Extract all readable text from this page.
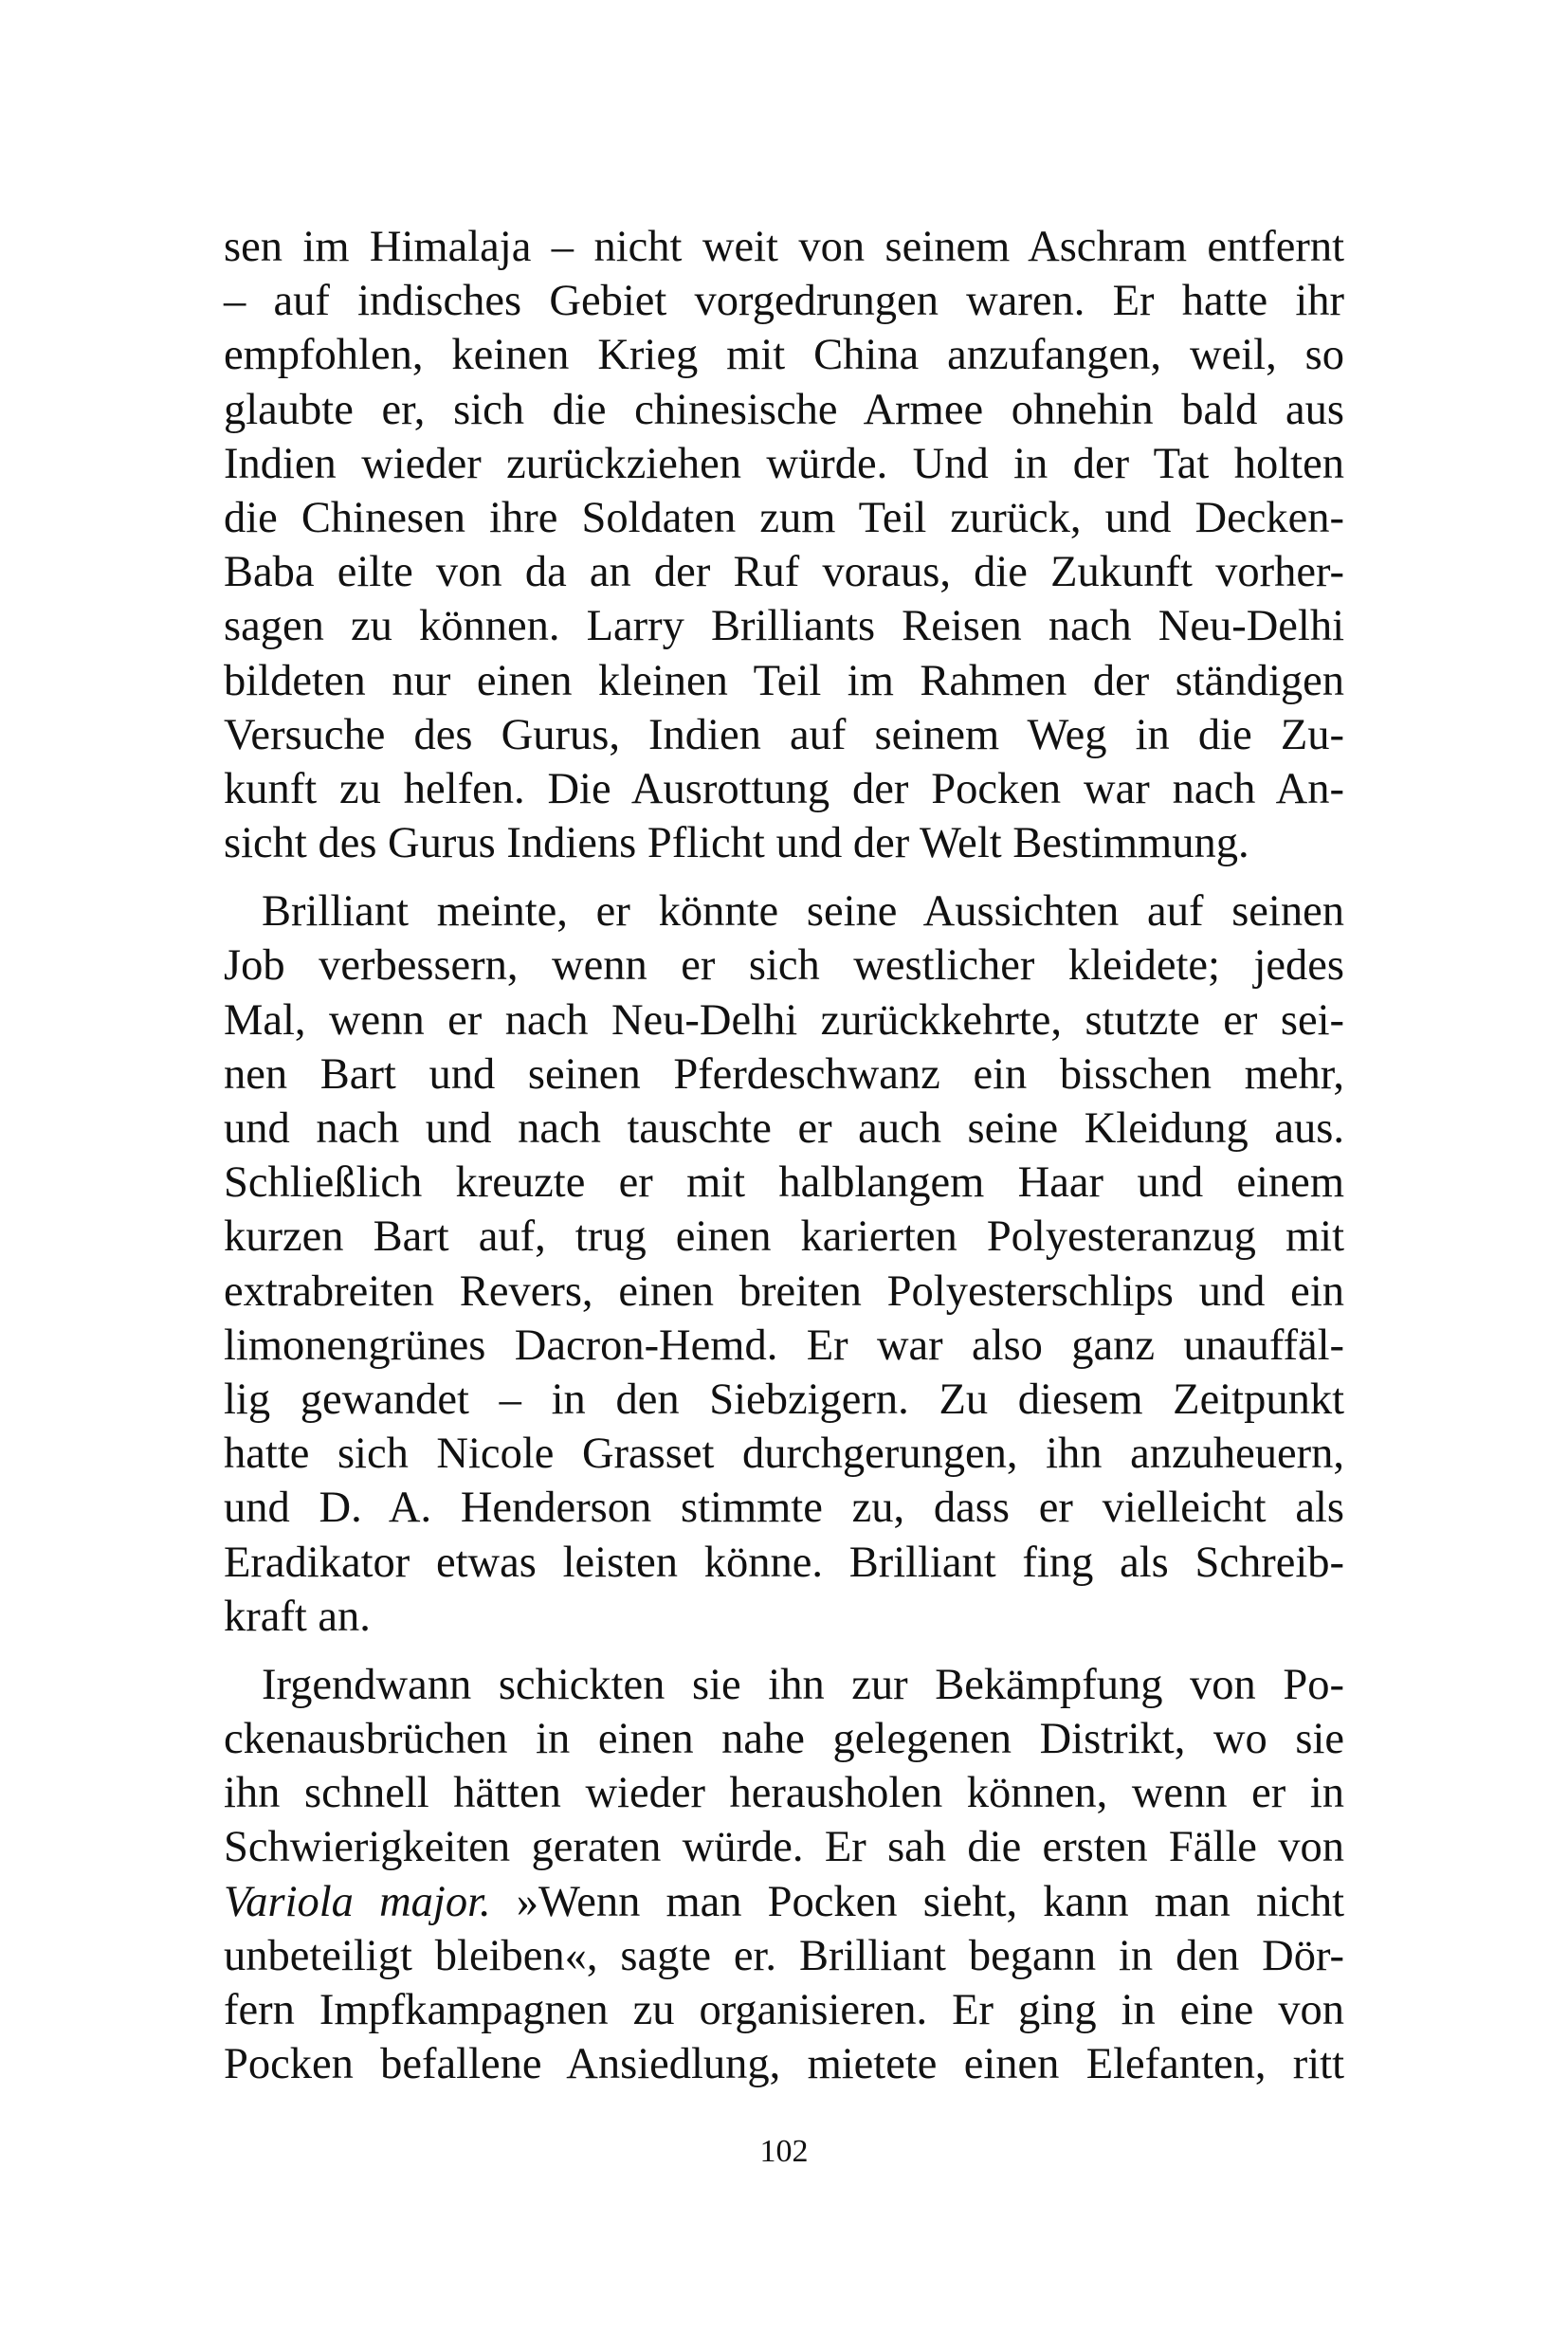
sen im Himalaja – nicht weit von seinem Aschram entfernt
– auf indisches Gebiet vorgedrungen waren. Er hatte ihr
empfohlen, keinen Krieg mit China anzufangen, weil, so
glaubte er, sich die chinesische Armee ohnehin bald aus
Indien wieder zurückziehen würde. Und in der Tat holten
die Chinesen ihre Soldaten zum Teil zurück, und Decken-
Baba eilte von da an der Ruf voraus, die Zukunft vorher-
sagen zu können. Larry Brilliants Reisen nach Neu-Delhi
bildeten nur einen kleinen Teil im Rahmen der ständigen
Versuche des Gurus, Indien auf seinem Weg in die Zu-
kunft zu helfen. Die Ausrottung der Pocken war nach An-
sicht des Gurus Indiens Pflicht und der Welt Bestimmung.
Brilliant meinte, er könnte seine Aussichten auf seinen
Job verbessern, wenn er sich westlicher kleidete; jedes
Mal, wenn er nach Neu-Delhi zurückkehrte, stutzte er sei-
nen Bart und seinen Pferdeschwanz ein bisschen mehr,
und nach und nach tauschte er auch seine Kleidung aus.
Schließlich kreuzte er mit halblangem Haar und einem
kurzen Bart auf, trug einen karierten Polyesteranzug mit
extrabreiten Revers, einen breiten Polyesterschlips und ein
limonengrünes Dacron-Hemd. Er war also ganz unauffäl-
lig gewandet – in den Siebzigern. Zu diesem Zeitpunkt
hatte sich Nicole Grasset durchgerungen, ihn anzuheuern,
und D. A. Henderson stimmte zu, dass er vielleicht als
Eradikator etwas leisten könne. Brilliant fing als Schreib-
kraft an.
Irgendwann schickten sie ihn zur Bekämpfung von Po-
ckenausbrüchen in einen nahe gelegenen Distrikt, wo sie
ihn schnell hätten wieder herausholen können, wenn er in
Schwierigkeiten geraten würde. Er sah die ersten Fälle von
Variola major. »Wenn man Pocken sieht, kann man nicht
unbeteiligt bleiben«, sagte er. Brilliant begann in den Dör-
fern Impfkampagnen zu organisieren. Er ging in eine von
Pocken befallene Ansiedlung, mietete einen Elefanten, ritt
102
